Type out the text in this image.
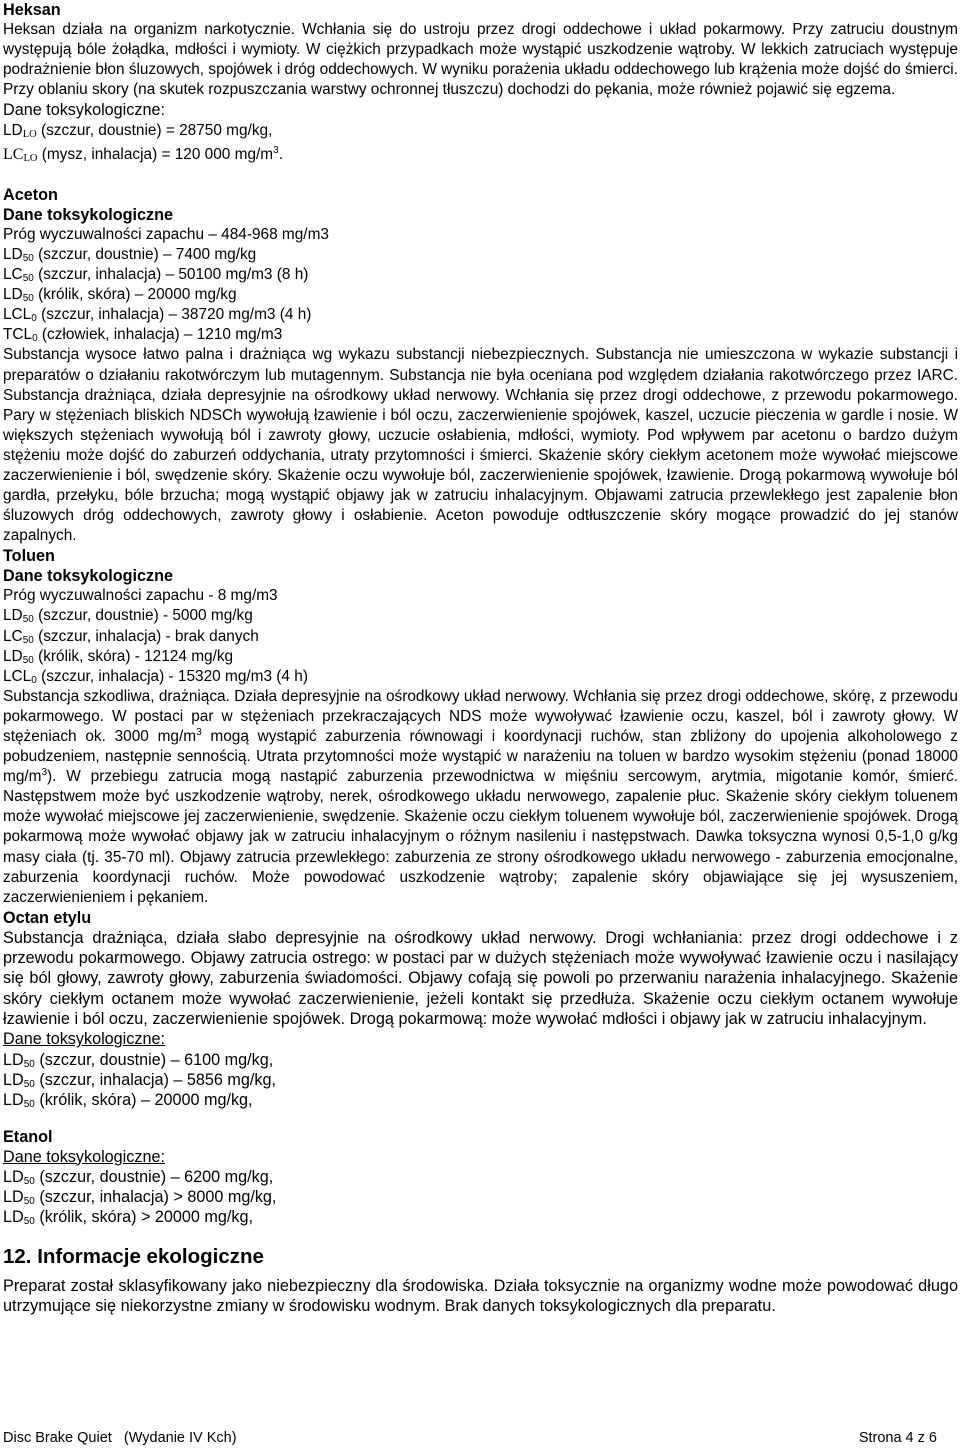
Heksan

Heksan działa na organizm narkotycznie. Wchłania się do ustroju przez drogi oddechowe i układ pokarmowy. Przy zatruciu doustnym występują bóle żołądka, mdłości i wymioty. W ciężkich przypadkach może wystąpić uszkodzenie wątroby. W lekkich zatruciach występuje podrażnienie błon śluzowych, spojówek i dróg oddechowych. W wyniku porażenia układu oddechowego lub krążenia może dojść do śmierci. Przy oblaniu skory (na skutek rozpuszczania warstwy ochronnej tłuszczu) dochodzi do pękania, może również pojawić się egzema.

Dane toksykologiczne:

LDLO (szczur, doustnie) = 28750 mg/kg,

LCLO (mysz, inhalacja) = 120 000 $mg/m^3$.

Aceton

Dane toksykologiczne

Próg wyczuwalności zapachu – 484-968 mg/m3

$LD_{50}$ (szczur, doustnie) – 7400 mg/kg

$LC_{50}$ (szczur, inhalacja) – 50100 mg/m3 (8 h)

$LD_{50}$ (królik, skóra) – 20000 mg/kg

$LCL_0$ (szczur, inhalacja) – 38720 mg/m3 (4 h)

$TCL_0$ (człowiek, inhalacja) – 1210 mg/m3

Substancja wysoce łatwo palna i drażniąca wg wykazu substancji niebezpiecznych. Substancja nie umieszczona w wykazie substancji i preparatów o działaniu rakotwórczym lub mutagennym. Substancja nie była oceniana pod względem działania rakotwórczego przez IARC. Substancja drażniąca, działa depresyjnie na ośrodkowy układ nerwowy. Wchłania się przez drogi oddechowe, z przewodu pokarmowego. Pary w stężeniach bliskich NDSCh wywołują łzawienie i ból oczu, zaczerwienienie spojówek, kaszel, uczucie pieczenia w gardle i nosie. W większych stężeniach wywołują ból i zawroty głowy, uczucie osłabienia, mdłości, wymioty. Pod wpływem par acetonu o bardzo dużym stężeniu może dojść do zaburzeń oddychania, utraty przytomności i śmierci. Skażenie skóry ciekłym acetonem może wywołać miejscowe zaczerwienienie i ból, swędzenie skóry. Skażenie oczu wywołuje ból, zaczerwienienie spojówek, łzawienie. Drogą pokarmową wywołuje ból gardła, przełyku, bóle brzucha; mogą wystąpić objawy jak w zatruciu inhalacyjnym. Objawami zatrucia przewlekłego jest zapalenie błon śluzowych dróg oddechowych, zawroty głowy i osłabienie. Aceton powoduje odtłuszczenie skóry mogące prowadzić do jej stanów zapalnych.

Toluen

Dane toksykologiczne

Próg wyczuwalności zapachu - 8 mg/m3

$LD_{50}$ (szczur, doustnie) - 5000 mg/kg

$LC_{50}$ (szczur, inhalacja) - brak danych

$LD_{50}$ (królik, skóra) - 12124 mg/kg

$LCL_0$ (szczur, inhalacja) - 15320 mg/m3 (4 h)

Substancja szkodliwa, drażniąca. Działa depresyjnie na ośrodkowy układ nerwowy. Wchłania się przez drogi oddechowe, skórę, z przewodu pokarmowego. W postaci par w stężeniach przekraczających NDS może wywoływać łzawienie oczu, kaszel, ból i zawroty głowy. W stężeniach ok. 3000 $mg/m^3$ mogą wystąpić zaburzenia równowagi i koordynacji ruchów, stan zbliżony do upojenia alkoholowego z pobudzeniem, następnie sennością. Utrata przytomności może wystąpić w narażeniu na toluen w bardzo wysokim stężeniu (ponad 18000 $mg/m^3$). W przebiegu zatrucia mogą nastąpić zaburzenia przewodnictwa w mięśniu sercowym, arytmia, migotanie komór, śmierć. Następstwem może być uszkodzenie wątroby, nerek, ośrodkowego układu nerwowego, zapalenie płuc. Skażenie skóry ciekłym toluenem może wywołać miejscowe jej zaczerwienienie, swędzenie. Skażenie oczu ciekłym toluenem wywołuje ból, zaczerwienienie spojówek. Drogą pokarmową może wywołać objawy jak w zatruciu inhalacyjnym o różnym nasileniu i następstwach. Dawka toksyczna wynosi 0,5-1,0 g/kg masy ciała (tj. 35-70 ml). Objawy zatrucia przewlekłego: zaburzenia ze strony ośrodkowego układu nerwowego - zaburzenia emocjonalne, zaburzenia koordynacji ruchów. Może powodować uszkodzenie wątroby; zapalenie skóry objawiające się jej wysuszeniem, zaczerwienieniem i pękaniem.

Octan etylu

Substancja drażniąca, działa słabo depresyjnie na ośrodkowy układ nerwowy. Drogi wchłaniania: przez drogi oddechowe i z przewodu pokarmowego. Objawy zatrucia ostrego: w postaci par w dużych stężeniach może wywoływać łzawienie oczu i nasilający się ból głowy, zawroty głowy, zaburzenia świadomości. Objawy cofają się powoli po przerwaniu narażenia inhalacyjnego. Skażenie skóry ciekłym octanem może wywołać zaczerwienienie, jeżeli kontakt się przedłuża. Skażenie oczu ciekłym octanem wywołuje łzawienie i ból oczu, zaczerwienienie spojówek. Drogą pokarmową: może wywołać mdłości i objawy jak w zatruciu inhalacyjnym.

Dane toksykologiczne:

$LD_{50}$ (szczur, doustnie) – 6100 mg/kg,

$LD_{50}$ (szczur, inhalacja) – 5856 mg/kg,

$LD_{50}$ (królik, skóra) – 20000 mg/kg,

Etanol

Dane toksykologiczne:

$LD_{50}$ (szczur, doustnie) – 6200 mg/kg,

$LD_{50}$ (szczur, inhalacja) > 8000 mg/kg,

$LD_{50}$ (królik, skóra) > 20000 mg/kg,

12. Informacje ekologiczne

Preparat został sklasyfikowany jako niebezpieczny dla środowiska. Działa toksycznie na organizmy wodne może powodować długo utrzymujące się niekorzystne zmiany w środowisku wodnym. Brak danych toksykologicznych dla preparatu.

Disc Brake Quiet   (Wydanie IV Kch)	Strona 4 z 6
